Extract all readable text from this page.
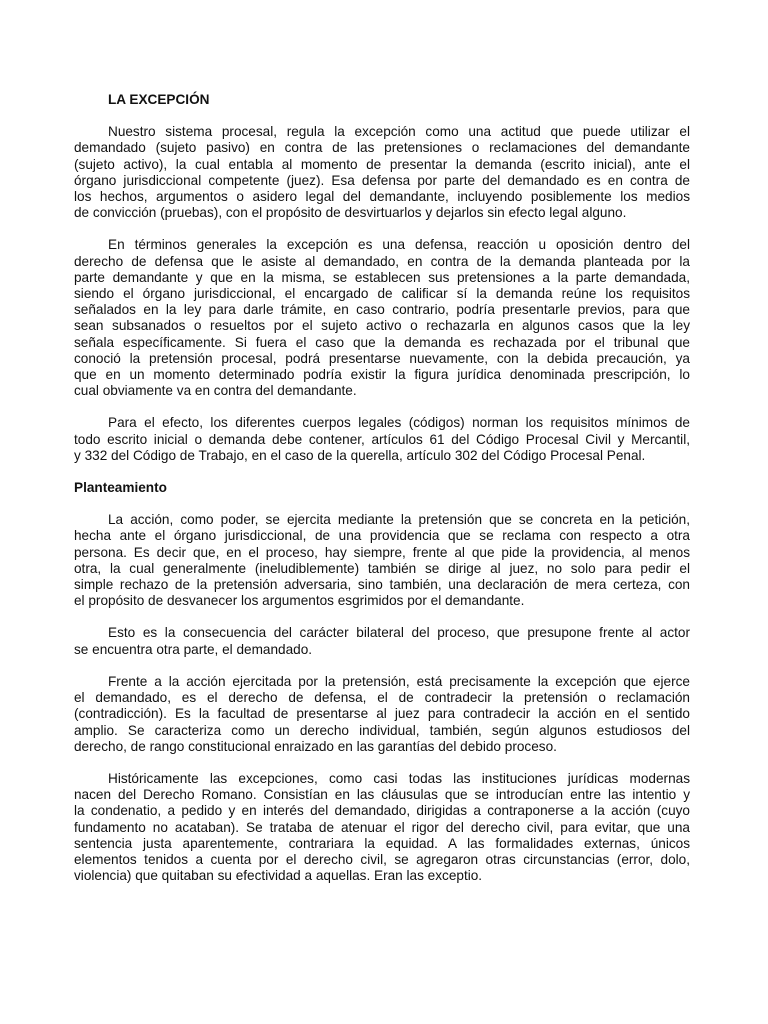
LA EXCEPCIÓN
Nuestro sistema procesal, regula la excepción como una actitud que puede utilizar el
demandado (sujeto pasivo) en contra de las pretensiones o reclamaciones del demandante
(sujeto activo), la cual entabla al momento de presentar la demanda (escrito inicial), ante el
órgano jurisdiccional competente (juez). Esa defensa por parte del demandado es en contra de
los hechos, argumentos o asidero legal del demandante, incluyendo posiblemente los medios
de convicción (pruebas), con el propósito de desvirtuarlos y dejarlos sin efecto legal alguno.
En términos generales la excepción es una defensa, reacción u oposición dentro del
derecho de defensa que le asiste al demandado, en contra de la demanda planteada por la
parte demandante y que en la misma, se establecen sus pretensiones a la parte demandada,
siendo el órgano jurisdiccional, el encargado de calificar sí la demanda reúne los requisitos
señalados en la ley para darle trámite, en caso contrario, podría presentarle previos, para que
sean subsanados o resueltos por el sujeto activo o rechazarla en algunos casos que la ley
señala específicamente. Si fuera el caso que la demanda es rechazada por el tribunal que
conoció la pretensión procesal, podrá presentarse nuevamente, con la debida precaución, ya
que en un momento determinado podría existir la figura jurídica denominada prescripción, lo
cual obviamente va en contra del demandante.
Para el efecto, los diferentes cuerpos legales (códigos) norman los requisitos mínimos de
todo escrito inicial o demanda debe contener, artículos 61 del Código Procesal Civil y Mercantil,
y 332 del Código de Trabajo, en el caso de la querella, artículo 302 del Código Procesal Penal.
Planteamiento
La acción, como poder, se ejercita mediante la pretensión que se concreta en la petición,
hecha ante el órgano jurisdiccional, de una providencia que se reclama con respecto a otra
persona. Es decir que, en el proceso, hay siempre, frente al que pide la providencia, al menos
otra, la cual generalmente (ineludiblemente) también se dirige al juez, no solo para pedir el
simple rechazo de la pretensión adversaria, sino también, una declaración de mera certeza, con
el propósito de desvanecer los argumentos esgrimidos por el demandante.
Esto es la consecuencia del carácter bilateral del proceso, que presupone frente al actor
se encuentra otra parte, el demandado.
Frente a la acción ejercitada por la pretensión, está precisamente la excepción que ejerce
el demandado, es el derecho de defensa, el de contradecir la pretensión o reclamación
(contradicción). Es la facultad de presentarse al juez para contradecir la acción en el sentido
amplio. Se caracteriza como un derecho individual, también, según algunos estudiosos del
derecho, de rango constitucional enraizado en las garantías del debido proceso.
Históricamente las excepciones, como casi todas las instituciones jurídicas modernas
nacen del Derecho Romano. Consistían en las cláusulas que se introducían entre las intentio y
la condenatio, a pedido y en interés del demandado, dirigidas a contraponerse a la acción (cuyo
fundamento no acataban). Se trataba de atenuar el rigor del derecho civil, para evitar, que una
sentencia justa aparentemente, contrariara la equidad. A las formalidades externas, únicos
elementos tenidos a cuenta por el derecho civil, se agregaron otras circunstancias (error, dolo,
violencia) que quitaban su efectividad a aquellas. Eran las exceptio.
